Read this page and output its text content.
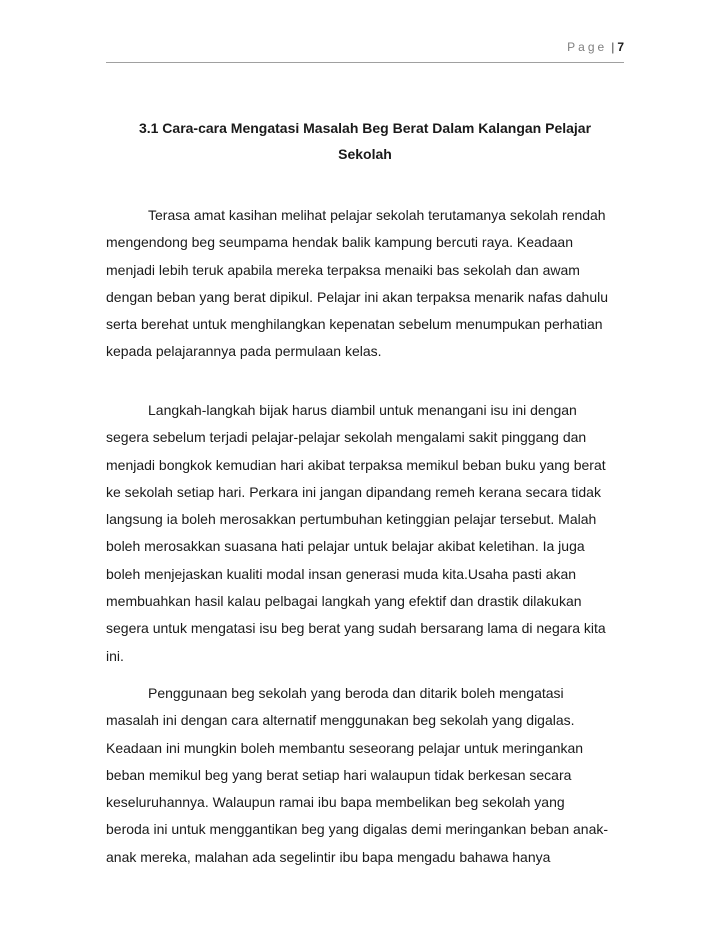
Page | 7
3.1 Cara-cara Mengatasi Masalah Beg Berat Dalam Kalangan Pelajar
Sekolah

Terasa amat kasihan melihat pelajar sekolah terutamanya sekolah rendah
mengendong beg seumpama hendak balik kampung bercuti raya. Keadaan
menjadi lebih teruk apabila mereka terpaksa menaiki bas sekolah dan awam
dengan beban yang berat dipikul. Pelajar ini akan terpaksa menarik nafas dahulu
serta berehat untuk menghilangkan kepenatan sebelum menumpukan perhatian
kepada pelajarannya pada permulaan kelas.

Langkah-langkah bijak harus diambil untuk menangani isu ini dengan
segera sebelum terjadi pelajar-pelajar sekolah mengalami sakit pinggang dan
menjadi bongkok kemudian hari akibat terpaksa memikul beban buku yang berat
ke sekolah setiap hari. Perkara ini jangan dipandang remeh kerana secara tidak
langsung ia boleh merosakkan pertumbuhan ketinggian pelajar tersebut. Malah
boleh merosakkan suasana hati pelajar untuk belajar akibat keletihan. Ia juga
boleh menjejaskan kualiti modal insan generasi muda kita.Usaha pasti akan
membuahkan hasil kalau pelbagai langkah yang efektif dan drastik dilakukan
segera untuk mengatasi isu beg berat yang sudah bersarang lama di negara kita
ini.

Penggunaan beg sekolah yang beroda dan ditarik boleh mengatasi
masalah ini dengan cara alternatif menggunakan beg sekolah yang digalas.
Keadaan ini mungkin boleh membantu seseorang pelajar untuk meringankan
beban memikul beg yang berat setiap hari walaupun tidak berkesan secara
keseluruhannya. Walaupun ramai ibu bapa membelikan beg sekolah yang
beroda ini untuk menggantikan beg yang digalas demi meringankan beban anak-
anak mereka, malahan ada segelintir ibu bapa mengadu bahawa hanya
